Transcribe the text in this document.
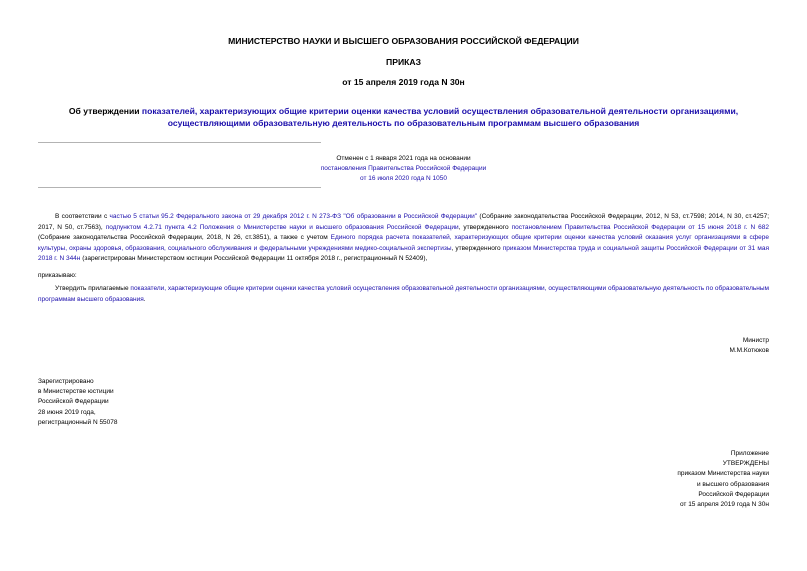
МИНИСТЕРСТВО НАУКИ И ВЫСШЕГО ОБРАЗОВАНИЯ РОССИЙСКОЙ ФЕДЕРАЦИИ
ПРИКАЗ
от 15 апреля 2019 года N 30н
Об утверждении показателей, характеризующих общие критерии оценки качества условий осуществления образовательной деятельности организациями, осуществляющими образовательную деятельность по образовательным программам высшего образования
Отменен с 1 января 2021 года на основании
постановления Правительства Российской Федерации
от 16 июля 2020 года N 1050
В соответствии с частью 5 статьи 95.2 Федерального закона от 29 декабря 2012 г. N 273-ФЗ "Об образовании в Российской Федерации" (Собрание законодательства Российской Федерации, 2012, N 53, ст.7598; 2014, N 30, ст.4257; 2017, N 50, ст.7563), подпунктом 4.2.71 пункта 4.2 Положения о Министерстве науки и высшего образования Российской Федерации, утвержденного постановлением Правительства Российской Федерации от 15 июня 2018 г. N 682 (Собрание законодательства Российской Федерации, 2018, N 26, ст.3851), а также с учетом Единого порядка расчета показателей, характеризующих общие критерии оценки качества условий оказания услуг организациями в сфере культуры, охраны здоровья, образования, социального обслуживания и федеральными учреждениями медико-социальной экспертизы, утвержденного приказом Министерства труда и социальной защиты Российской Федерации от 31 мая 2018 г. N 344н (зарегистрирован Министерством юстиции Российской Федерации 11 октября 2018 г., регистрационный N 52409),
приказываю:
Утвердить прилагаемые показатели, характеризующие общие критерии оценки качества условий осуществления образовательной деятельности организациями, осуществляющими образовательную деятельность по образовательным программам высшего образования.
Министр
М.М.Котюков
Зарегистрировано
в Министерстве юстиции
Российской Федерации
28 июня 2019 года,
регистрационный N 55078
Приложение
УТВЕРЖДЕНЫ
приказом Министерства науки
и высшего образования
Российской Федерации
от 15 апреля 2019 года N 30н
